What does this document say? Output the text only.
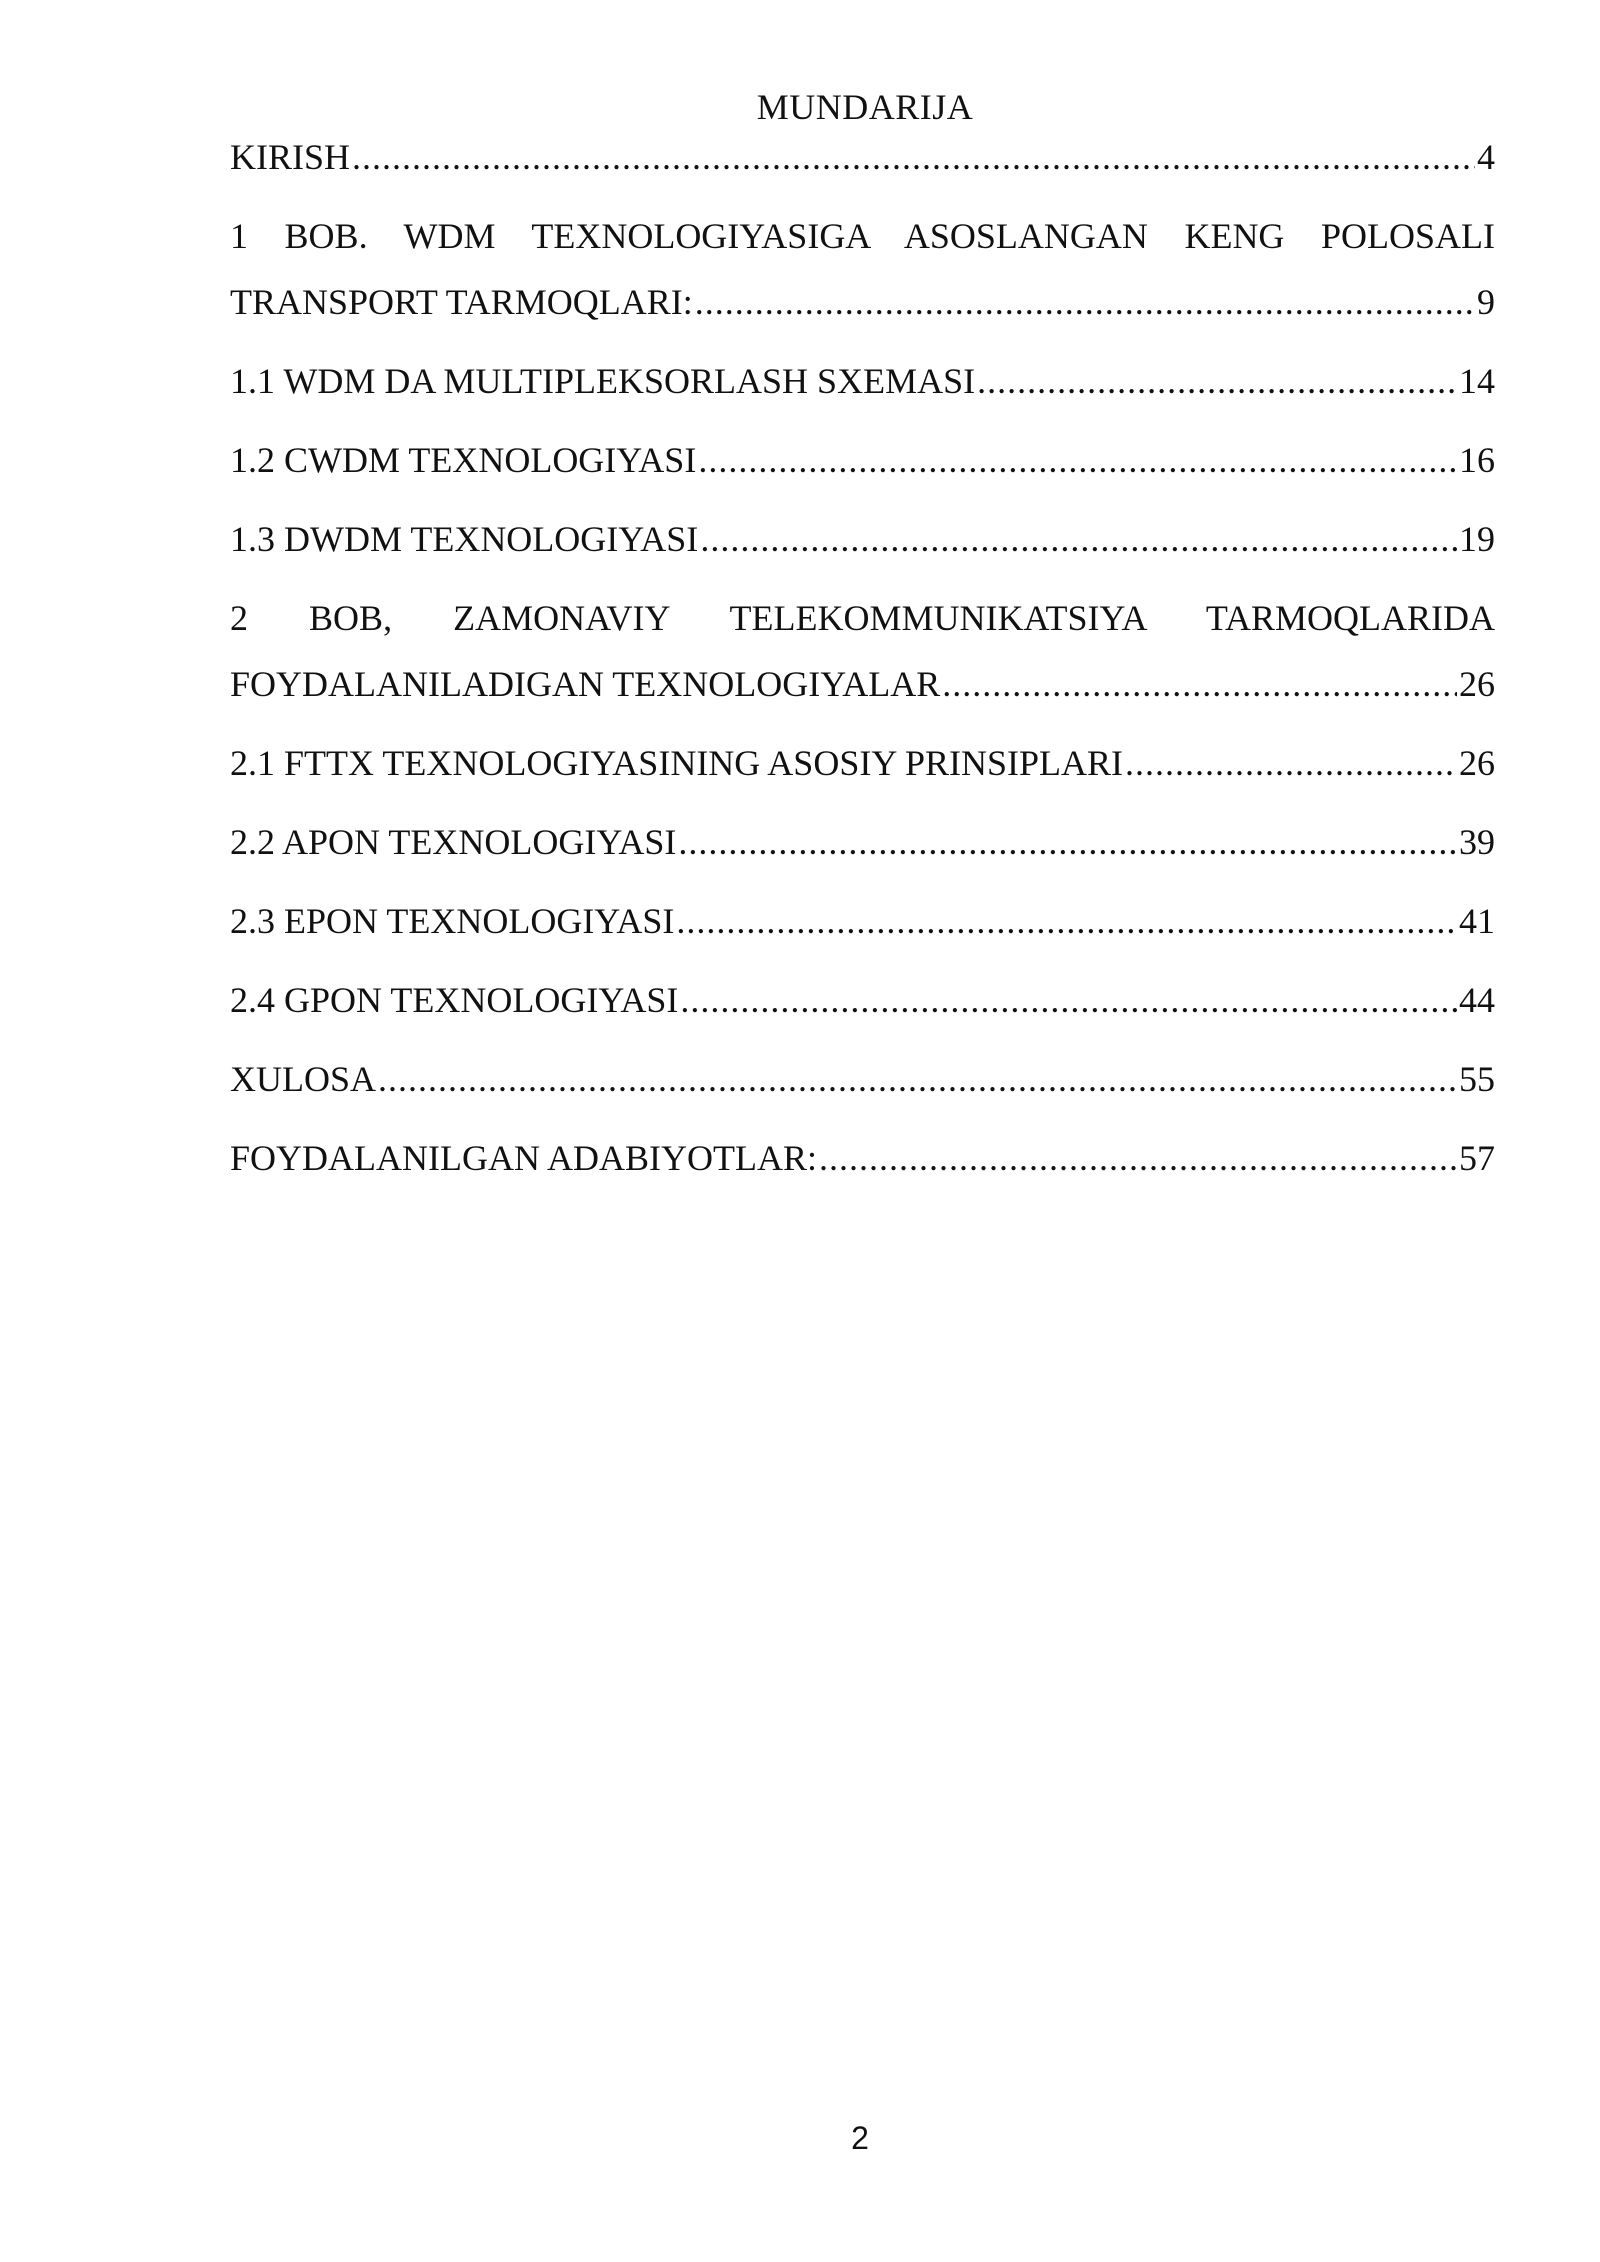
MUNDARIJA
KIRISH .....	4
1 BOB. WDM TEXNOLOGIYASIGA ASOSLANGAN KENG POLOSALI
TRANSPORT TARMOQLARI: .....	9
1.1 WDM DA MULTIPLEKSORLASH SXEMASI .....	14
1.2 CWDM TEXNOLOGIYASI .....	16
1.3 DWDM TEXNOLOGIYASI .....	19
2 BOB, ZAMONAVIY TELEKOMMUNIKATSIYA TARMOQLARIDA
FOYDALANILADIGAN TEXNOLOGIYALAR .....	26
2.1 FTTX TEXNOLOGIYASINING ASOSIY PRINSIPLARI .....	26
2.2 APON TEXNOLOGIYASI .....	39
2.3 EPON TEXNOLOGIYASI .....	41
2.4 GPON TEXNOLOGIYASI .....	44
XULOSA .....	55
FOYDALANILGAN ADABIYOTLAR: .....	57
2
